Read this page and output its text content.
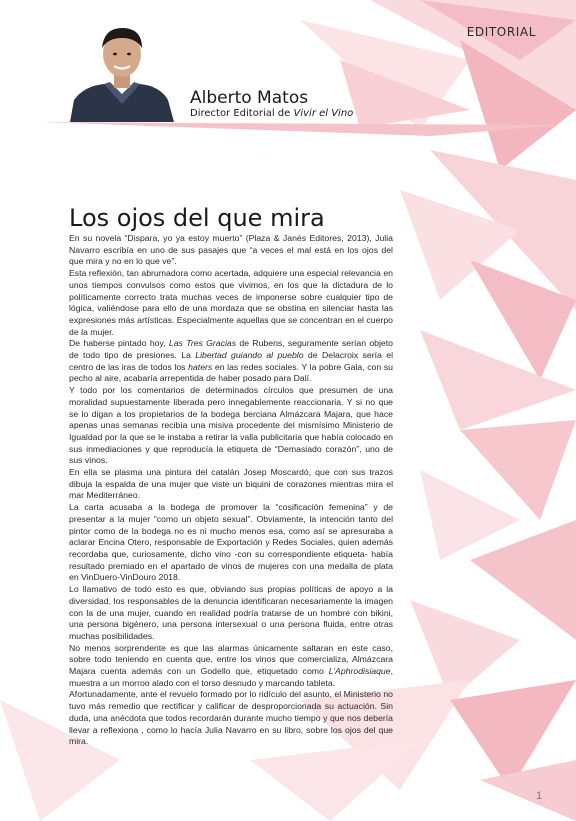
EDITORIAL
Alberto Matos
Director Editorial de Vivir el Vino
Los ojos del que mira

En su novela “Dispara, yo ya estoy muerto” (Plaza & Janés Editores, 2013), Julia Navarro escribía en uno de sus pasajes que “a veces el mal está en los ojos del que mira y no en lo que ve”.

Esta reflexión, tan abrumadora como acertada, adquiere una especial relevancia en unos tiempos convulsos como estos que vivimos, en los que la dictadura de lo políticamente correcto trata muchas veces de imponerse sobre cualquier tipo de lógica, valiéndose para ello de una mordaza que se obstina en silenciar hasta las expresiones más artísticas. Especialmente aquellas que se concentran en el cuerpo de la mujer.

De haberse pintado hoy, Las Tres Gracias de Rubens, seguramente serían objeto de todo tipo de presiones. La Libertad guiando al pueblo de Delacroix sería el centro de las iras de todos los haters en las redes sociales. Y la pobre Gala, con su pecho al aire, acabaría arrepentida de haber posado para Dalí.

Y todo por los comentarios de determinados círculos que presumen de una moralidad supuestamente liberada pero innegablemente reaccionaria. Y si no que se lo digan a los propietarios de la bodega berciana Almázcara Majara, que hace apenas unas semanas recibía una misiva procedente del mismísimo Ministerio de Igualdad por la que se le instaba a retirar la valla publicitaria que había colocado en sus inmediaciones y que reproducía la etiqueta de “Demasiado corazón”, uno de sus vinos.

En ella se plasma una pintura del catalán Josep Moscardó, que con sus trazos dibuja la espalda de una mujer que viste un biquini de corazones mientras mira el mar Mediterráneo.

La carta acusaba a la bodega de promover la “cosificación femenina” y de presentar a la mujer “como un objeto sexual”. Obviamente, la intención tanto del pintor como de la bodega no es ni mucho menos esa, como así se apresuraba a aclarar Encina Otero, responsable de Exportación y Redes Sociales, quien además recordaba que, curiosamente, dicho vino -con su correspondiente etiqueta- había resultado premiado en el apartado de vinos de mujeres con una medalla de plata en VinDuero-VinDouro 2018.

Lo llamativo de todo esto es que, obviando sus propias políticas de apoyo a la diversidad, los responsables de la denuncia identificaran necesariamente la imagen con la de una mujer, cuando en realidad podría tratarse de un hombre con bikini, una persona bigénero, una persona intersexual o una persona fluida, entre otras muchas posibilidades.

No menos sorprendente es que las alarmas únicamente saltaran en este caso, sobre todo teniendo en cuenta que, entre los vinos que comercializa, Almázcara Majara cuenta además con un Godello que, etiquetado como L’Aphrodisiaque, muestra a un morroo alado con el torso desnudo y marcando tableta.

Afortunadamente, ante el revuelo formado por lo ridículo del asunto, el Ministerio no tuvo más remedio que rectificar y calificar de desproporcionada su actuación. Sin duda, una anécdota que todos recordarán durante mucho tiempo y que nos debería llevar a reflexiona , como lo hacía Julia Navarro en su libro, sobre los ojos del que mira.

1
